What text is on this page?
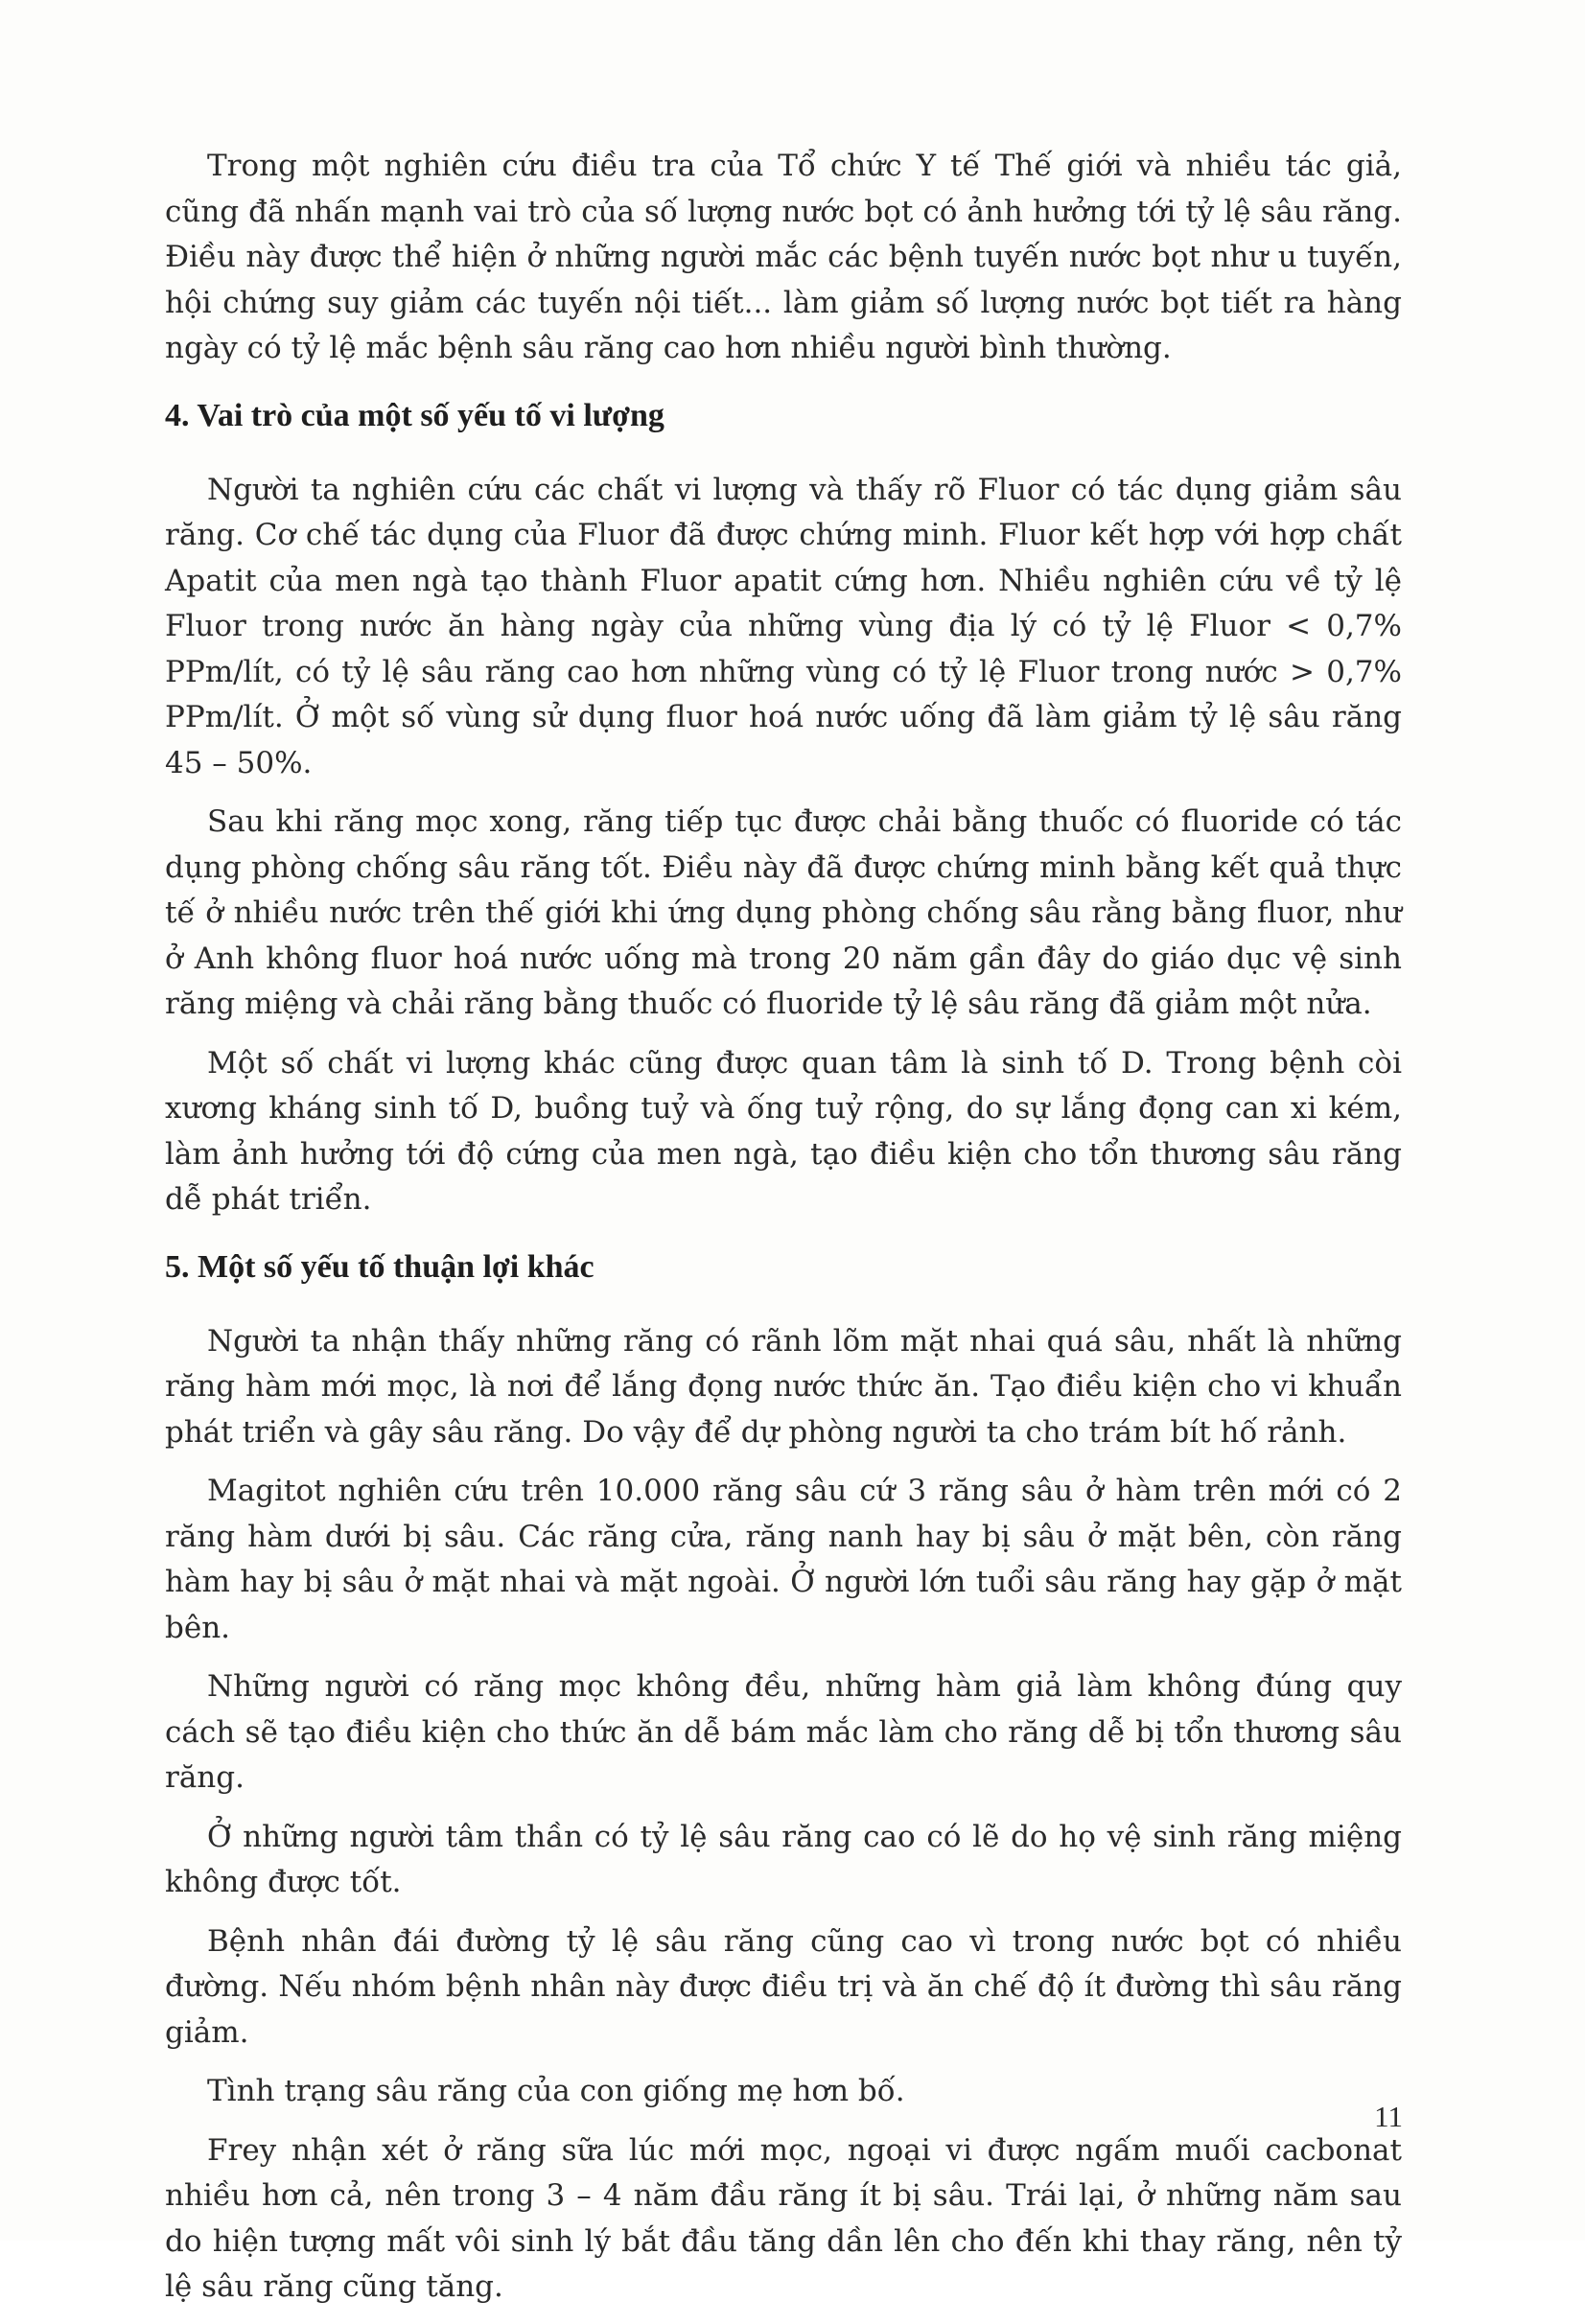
Trong một nghiên cứu điều tra của Tổ chức Y tế Thế giới và nhiều tác giả, cũng đã nhấn mạnh vai trò của số lượng nước bọt có ảnh hưởng tới tỷ lệ sâu răng. Điều này được thể hiện ở những người mắc các bệnh tuyến nước bọt như u tuyến, hội chứng suy giảm các tuyến nội tiết... làm giảm số lượng nước bọt tiết ra hàng ngày có tỷ lệ mắc bệnh sâu răng cao hơn nhiều người bình thường.

4. Vai trò của một số yếu tố vi lượng

Người ta nghiên cứu các chất vi lượng và thấy rõ Fluor có tác dụng giảm sâu răng. Cơ chế tác dụng của Fluor đã được chứng minh. Fluor kết hợp với hợp chất Apatit của men ngà tạo thành Fluor apatit cứng hơn. Nhiều nghiên cứu về tỷ lệ Fluor trong nước ăn hàng ngày của những vùng địa lý có tỷ lệ Fluor < 0,7% PPm/lít, có tỷ lệ sâu răng cao hơn những vùng có tỷ lệ Fluor trong nước > 0,7% PPm/lít. Ở một số vùng sử dụng fluor hoá nước uống đã làm giảm tỷ lệ sâu răng 45 – 50%.

Sau khi răng mọc xong, răng tiếp tục được chải bằng thuốc có fluoride có tác dụng phòng chống sâu răng tốt. Điều này đã được chứng minh bằng kết quả thực tế ở nhiều nước trên thế giới khi ứng dụng phòng chống sâu rằng bằng fluor, như ở Anh không fluor hoá nước uống mà trong 20 năm gần đây do giáo dục vệ sinh răng miệng và chải răng bằng thuốc có fluoride tỷ lệ sâu răng đã giảm một nửa.

Một số chất vi lượng khác cũng được quan tâm là sinh tố D. Trong bệnh còi xương kháng sinh tố D, buồng tuỷ và ống tuỷ rộng, do sự lắng đọng can xi kém, làm ảnh hưởng tới độ cứng của men ngà, tạo điều kiện cho tổn thương sâu răng dễ phát triển.

5. Một số yếu tố thuận lợi khác

Người ta nhận thấy những răng có rãnh lõm mặt nhai quá sâu, nhất là những răng hàm mới mọc, là nơi để lắng đọng nước thức ăn. Tạo điều kiện cho vi khuẩn phát triển và gây sâu răng. Do vậy để dự phòng người ta cho trám bít hố rảnh.

Magitot nghiên cứu trên 10.000 răng sâu cứ 3 răng sâu ở hàm trên mới có 2 răng hàm dưới bị sâu. Các răng cửa, răng nanh hay bị sâu ở mặt bên, còn răng hàm hay bị sâu ở mặt nhai và mặt ngoài. Ở người lớn tuổi sâu răng hay gặp ở mặt bên.

Những người có răng mọc không đều, những hàm giả làm không đúng quy cách sẽ tạo điều kiện cho thức ăn dễ bám mắc làm cho răng dễ bị tổn thương sâu răng.

Ở những người tâm thần có tỷ lệ sâu răng cao có lẽ do họ vệ sinh răng miệng không được tốt.

Bệnh nhân đái đường tỷ lệ sâu răng cũng cao vì trong nước bọt có nhiều đường. Nếu nhóm bệnh nhân này được điều trị và ăn chế độ ít đường thì sâu răng giảm.

Tình trạng sâu răng của con giống mẹ hơn bố.

Frey nhận xét ở răng sữa lúc mới mọc, ngoại vi được ngấm muối cacbonat nhiều hơn cả, nên trong 3 – 4 năm đầu răng ít bị sâu. Trái lại, ở những năm sau do hiện tượng mất vôi sinh lý bắt đầu tăng dần lên cho đến khi thay răng, nên tỷ lệ sâu răng cũng tăng.

11
